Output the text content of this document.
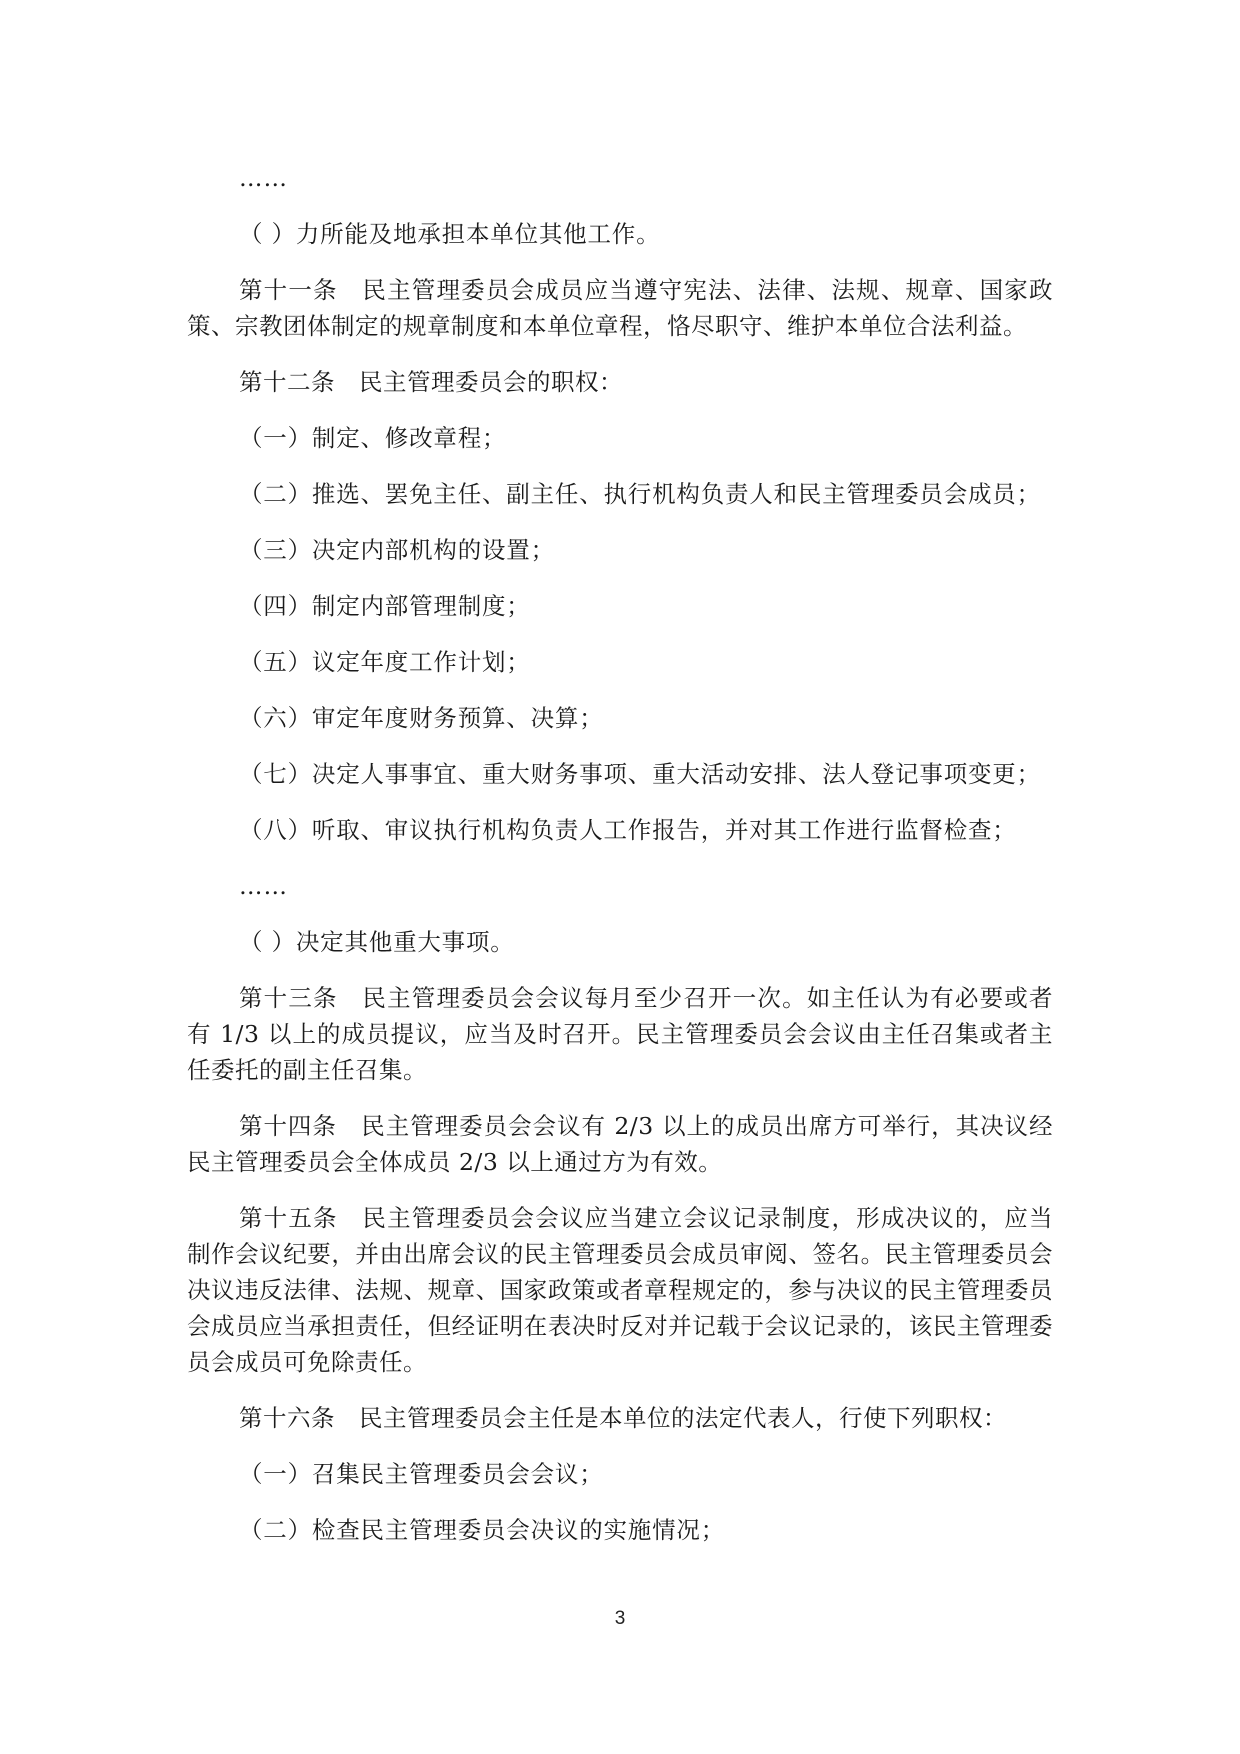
……

（ ）力所能及地承担本单位其他工作。

第十一条　民主管理委员会成员应当遵守宪法、法律、法规、规章、国家政策、宗教团体制定的规章制度和本单位章程，恪尽职守、维护本单位合法利益。

第十二条　民主管理委员会的职权：

（一）制定、修改章程；

（二）推选、罢免主任、副主任、执行机构负责人和民主管理委员会成员；

（三）决定内部机构的设置；

（四）制定内部管理制度；

（五）议定年度工作计划；

（六）审定年度财务预算、决算；

（七）决定人事事宜、重大财务事项、重大活动安排、法人登记事项变更；

（八）听取、审议执行机构负责人工作报告，并对其工作进行监督检查；

……

（ ）决定其他重大事项。

第十三条　民主管理委员会会议每月至少召开一次。如主任认为有必要或者有 1/3 以上的成员提议，应当及时召开。民主管理委员会会议由主任召集或者主任委托的副主任召集。

第十四条　民主管理委员会会议有 2/3 以上的成员出席方可举行，其决议经民主管理委员会全体成员 2/3 以上通过方为有效。

第十五条　民主管理委员会会议应当建立会议记录制度，形成决议的，应当制作会议纪要，并由出席会议的民主管理委员会成员审阅、签名。民主管理委员会决议违反法律、法规、规章、国家政策或者章程规定的，参与决议的民主管理委员会成员应当承担责任，但经证明在表决时反对并记载于会议记录的，该民主管理委员会成员可免除责任。

第十六条　民主管理委员会主任是本单位的法定代表人，行使下列职权：

（一）召集民主管理委员会会议；

（二）检查民主管理委员会决议的实施情况；

3
